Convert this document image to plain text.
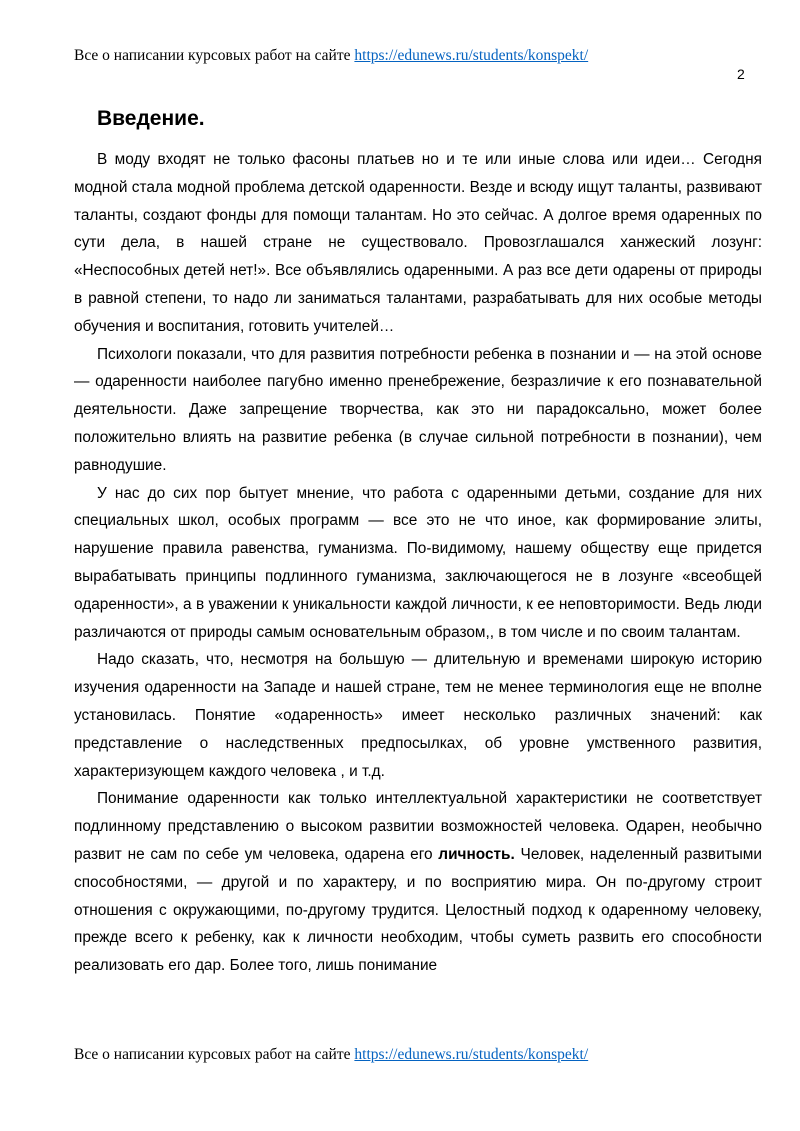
Все о написании курсовых работ на сайте https://edunews.ru/students/konspekt/
2
Введение.

В моду входят не только фасоны платьев но и те или иные слова или идеи… Сегодня модной стала модной проблема детской одаренности. Везде и всюду ищут таланты, развивают таланты, создают фонды для помощи талантам. Но это сейчас. А долгое время одаренных по сути дела, в нашей стране не существовало. Провозглашался ханжеский лозунг: «Неспособных детей нет!». Все объявлялись одаренными. А раз все дети одарены от природы в равной степени, то надо ли заниматься талантами, разрабатывать для них особые методы обучения и воспитания, готовить учителей…

Психологи показали, что для развития потребности ребенка в познании и — на этой основе — одаренности наиболее пагубно именно пренебрежение, безразличие к его познавательной деятельности. Даже запрещение творчества, как это ни парадоксально, может более положительно влиять на развитие ребенка (в случае сильной потребности в познании), чем равнодушие.

У нас до сих пор бытует мнение, что работа с одаренными детьми, создание для них специальных школ, особых программ — все это не что иное, как формирование элиты, нарушение правила равенства, гуманизма. По-видимому, нашему обществу еще придется вырабатывать принципы подлинного гуманизма, заключающегося не в лозунге «всеобщей одаренности», а в уважении к уникальности каждой личности, к ее неповторимости. Ведь люди различаются от природы самым основательным образом,, в том числе и по своим талантам.

Надо сказать, что, несмотря на большую — длительную и временами широкую историю изучения одаренности на Западе и нашей стране, тем не менее терминология еще не вполне установилась. Понятие «одаренность» имеет несколько различных значений: как представление о наследственных предпосылках, об уровне умственного развития, характеризующем каждого человека , и т.д.

Понимание одаренности как только интеллектуальной характеристики не соответствует подлинному представлению о высоком развитии возможностей человека. Одарен, необычно развит не сам по себе ум человека, одарена его личность. Человек, наделенный развитыми способностями, — другой и по характеру, и по восприятию мира. Он по-другому строит отношения с окружающими, по-другому трудится. Целостный подход к одаренному человеку, прежде всего к ребенку, как к личности необходим, чтобы суметь развить его способности реализовать его дар. Более того, лишь понимание

Все о написании курсовых работ на сайте https://edunews.ru/students/konspekt/
